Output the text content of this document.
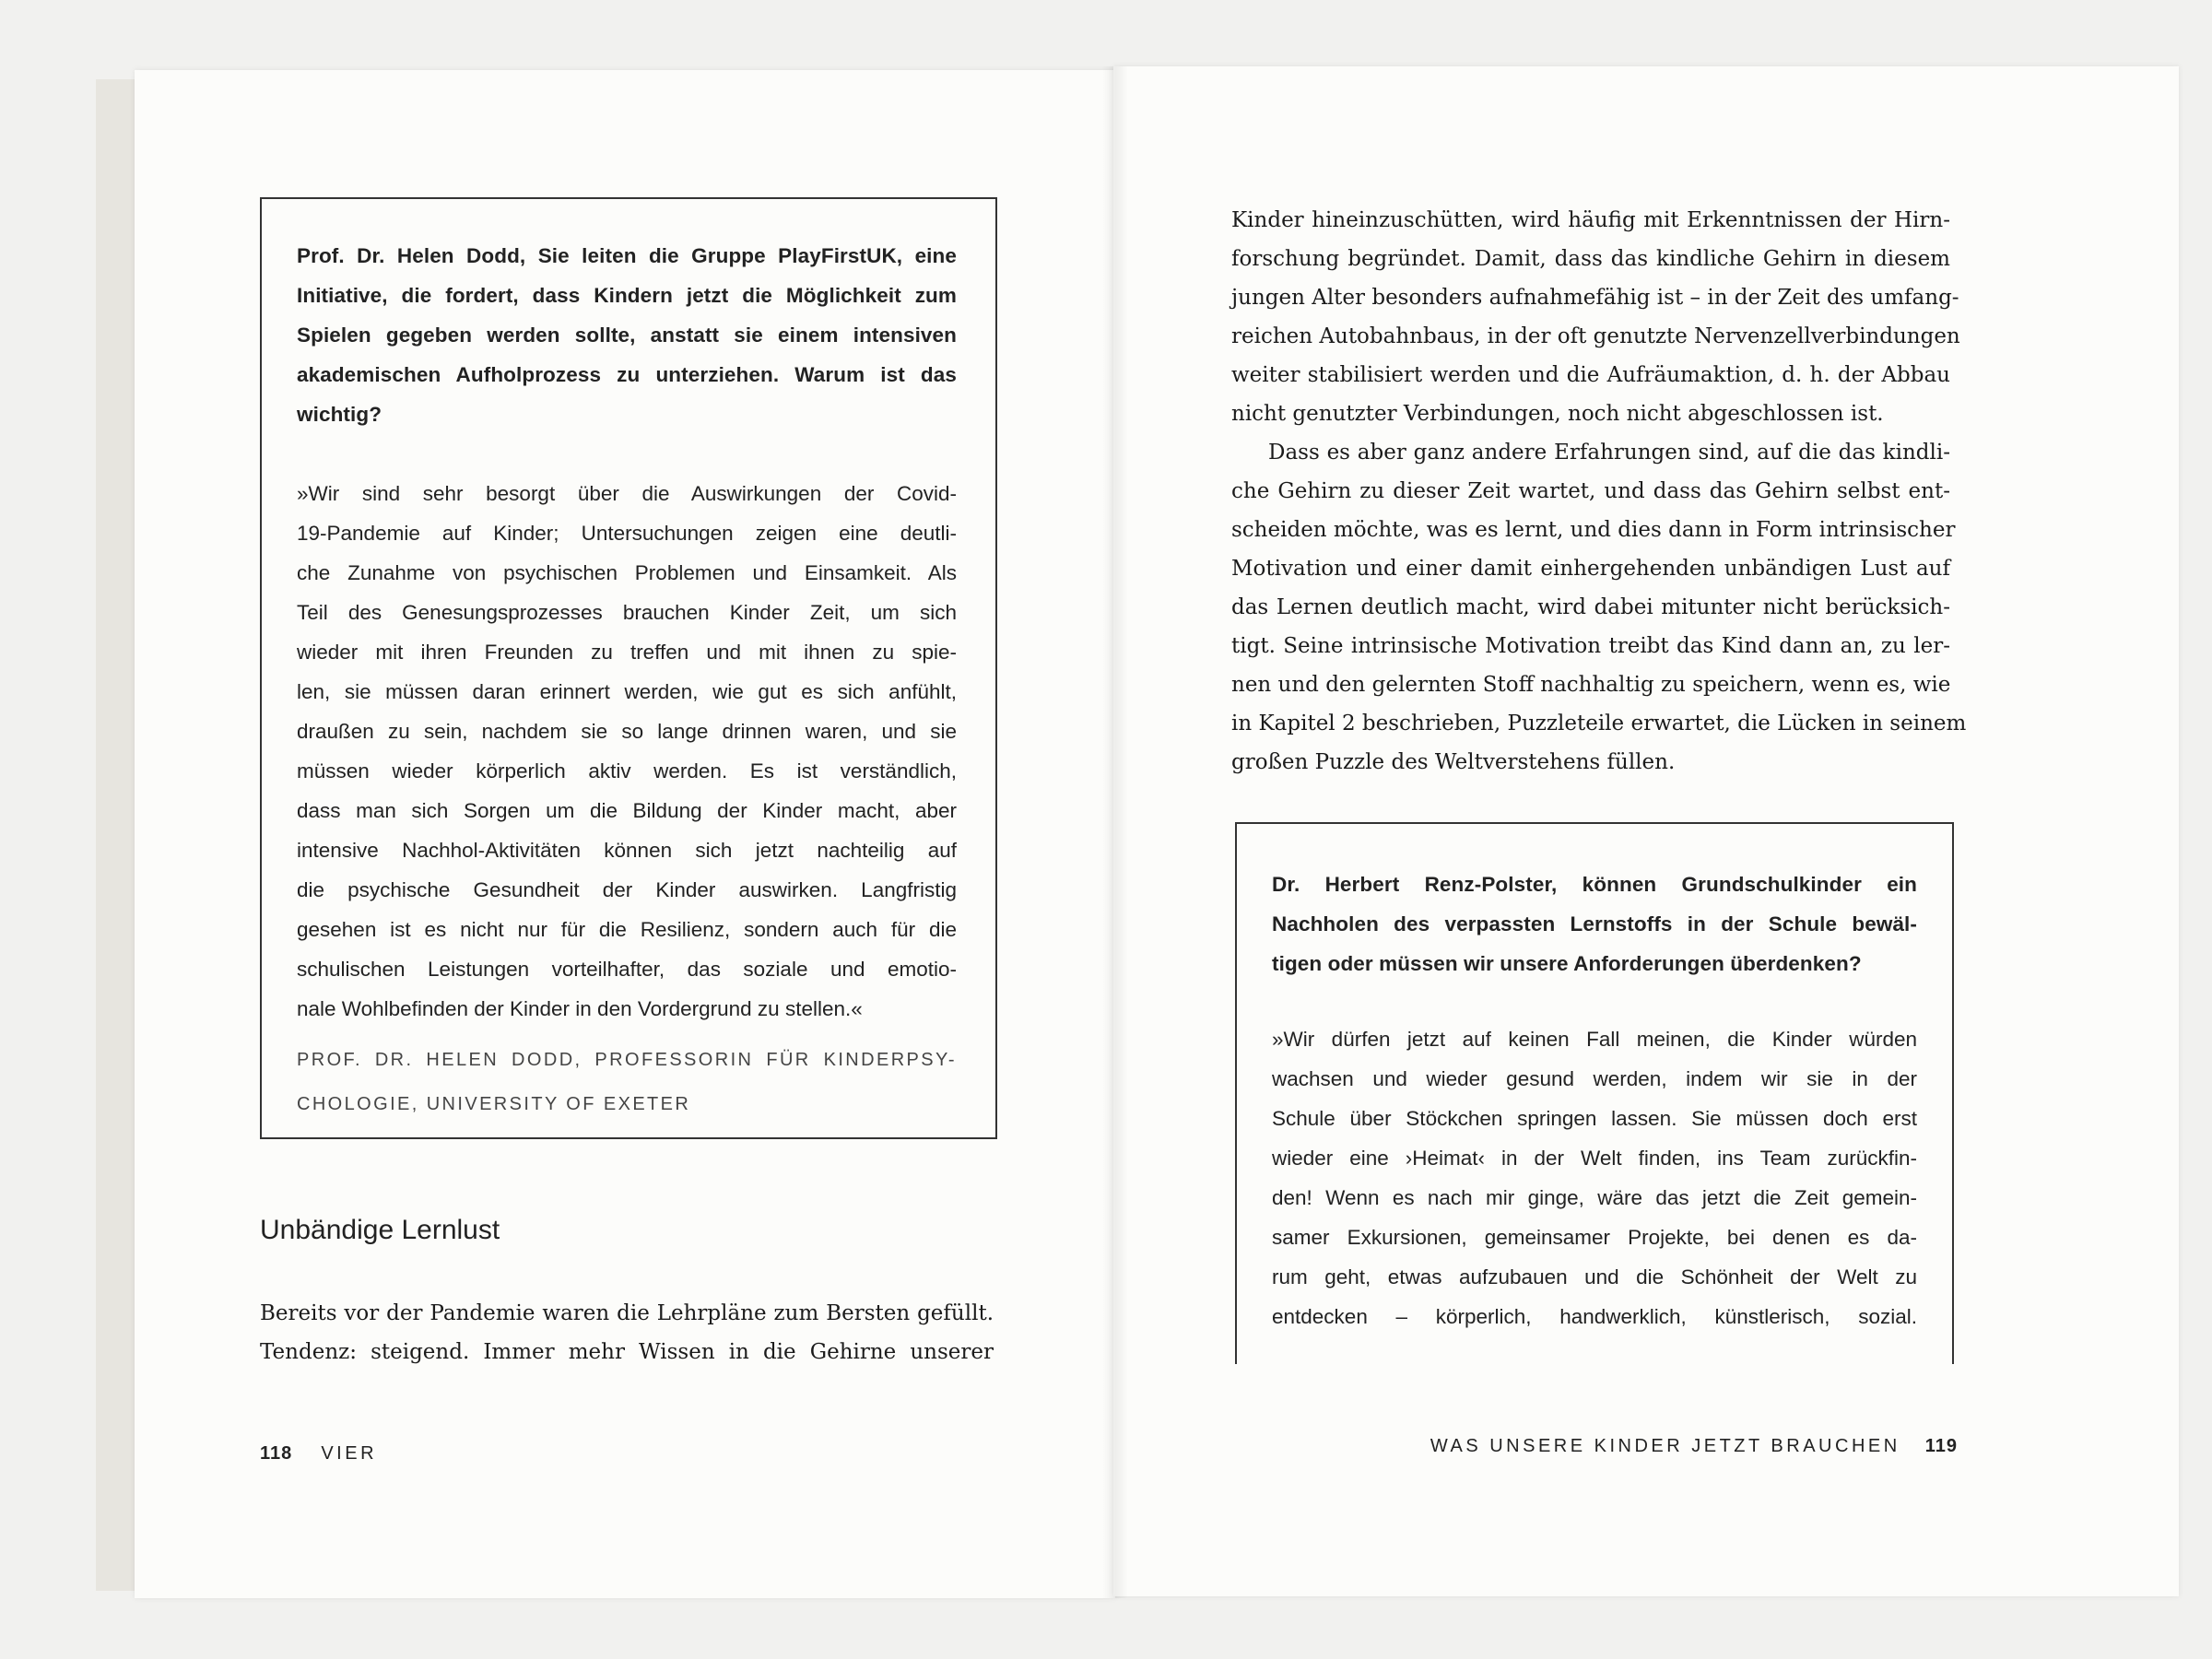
Prof. Dr. Helen Dodd, Sie leiten die Gruppe PlayFirstUK, eine
Initiative, die fordert, dass Kindern jetzt die Möglichkeit zum
Spielen gegeben werden sollte, anstatt sie einem intensiven
akademischen Aufholprozess zu unterziehen. Warum ist das
wichtig?
»Wir sind sehr besorgt über die Auswirkungen der Covid-
19-Pandemie auf Kinder; Untersuchungen zeigen eine deutli-
che Zunahme von psychischen Problemen und Einsamkeit. Als
Teil des Genesungsprozesses brauchen Kinder Zeit, um sich
wieder mit ihren Freunden zu treffen und mit ihnen zu spie-
len, sie müssen daran erinnert werden, wie gut es sich anfühlt,
draußen zu sein, nachdem sie so lange drinnen waren, und sie
müssen wieder körperlich aktiv werden. Es ist verständlich,
dass man sich Sorgen um die Bildung der Kinder macht, aber
intensive Nachhol-Aktivitäten können sich jetzt nachteilig auf
die psychische Gesundheit der Kinder auswirken. Langfristig
gesehen ist es nicht nur für die Resilienz, sondern auch für die
schulischen Leistungen vorteilhafter, das soziale und emotio-
nale Wohlbefinden der Kinder in den Vordergrund zu stellen.«
PROF. DR. HELEN DODD, PROFESSORIN FÜR KINDERPSY-
CHOLOGIE, UNIVERSITY OF EXETER
Unbändige Lernlust
Bereits vor der Pandemie waren die Lehrpläne zum Bersten gefüllt.
Tendenz: steigend. Immer mehr Wissen in die Gehirne unserer
118 VIER
Kinder hineinzuschütten, wird häufig mit Erkenntnissen der Hirn-
forschung begründet. Damit, dass das kindliche Gehirn in diesem
jungen Alter besonders aufnahmefähig ist – in der Zeit des umfang-
reichen Autobahnbaus, in der oft genutzte Nervenzellverbindungen
weiter stabilisiert werden und die Aufräumaktion, d. h. der Abbau
nicht genutzter Verbindungen, noch nicht abgeschlossen ist.
Dass es aber ganz andere Erfahrungen sind, auf die das kindli-
che Gehirn zu dieser Zeit wartet, und dass das Gehirn selbst ent-
scheiden möchte, was es lernt, und dies dann in Form intrinsischer
Motivation und einer damit einhergehenden unbändigen Lust auf
das Lernen deutlich macht, wird dabei mitunter nicht berücksich-
tigt. Seine intrinsische Motivation treibt das Kind dann an, zu ler-
nen und den gelernten Stoff nachhaltig zu speichern, wenn es, wie
in Kapitel 2 beschrieben, Puzzleteile erwartet, die Lücken in seinem
großen Puzzle des Weltverstehens füllen.
Dr. Herbert Renz-Polster, können Grundschulkinder ein
Nachholen des verpassten Lernstoffs in der Schule bewäl-
tigen oder müssen wir unsere Anforderungen überdenken?
»Wir dürfen jetzt auf keinen Fall meinen, die Kinder würden
wachsen und wieder gesund werden, indem wir sie in der
Schule über Stöckchen springen lassen. Sie müssen doch erst
wieder eine ›Heimat‹ in der Welt finden, ins Team zurückfin-
den! Wenn es nach mir ginge, wäre das jetzt die Zeit gemein-
samer Exkursionen, gemeinsamer Projekte, bei denen es da-
rum geht, etwas aufzubauen und die Schönheit der Welt zu
entdecken – körperlich, handwerklich, künstlerisch, sozial.
WAS UNSERE KINDER JETZT BRAUCHEN 119
